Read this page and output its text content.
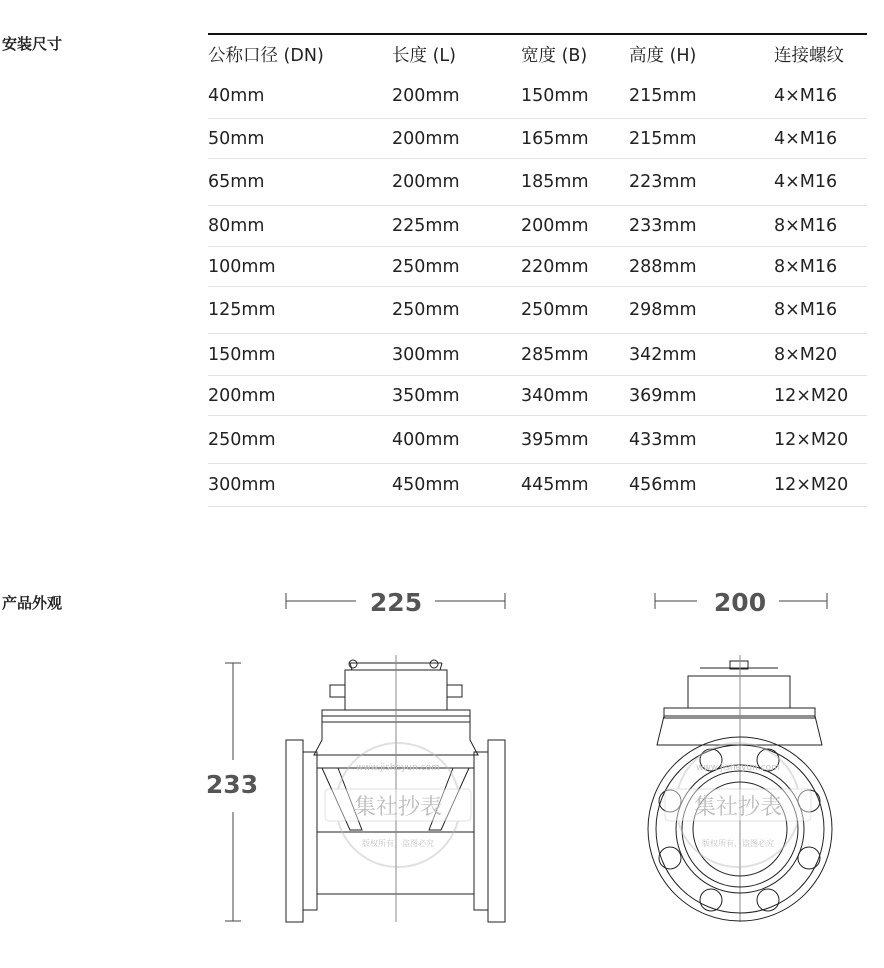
安装尺寸
产品外观
公称口径 (DN)	长度 (L)	宽度 (B)	高度 (H)	连接螺纹
40mm	200mm	150mm	215mm	4×M16
50mm	200mm	165mm	215mm	4×M16
65mm	200mm	185mm	223mm	4×M16
80mm	225mm	200mm	233mm	8×M16
100mm	250mm	220mm	288mm	8×M16
125mm	250mm	250mm	298mm	8×M16
150mm	300mm	285mm	342mm	8×M20
200mm	350mm	340mm	369mm	12×M20
250mm	400mm	395mm	433mm	12×M20
300mm	450mm	445mm	456mm	12×M20
集社抄表	集社抄表
www.jisheyun.com	www.jisheyun.com
版权所有，盗图必究	版权所有，盗图必究
225	200
233
